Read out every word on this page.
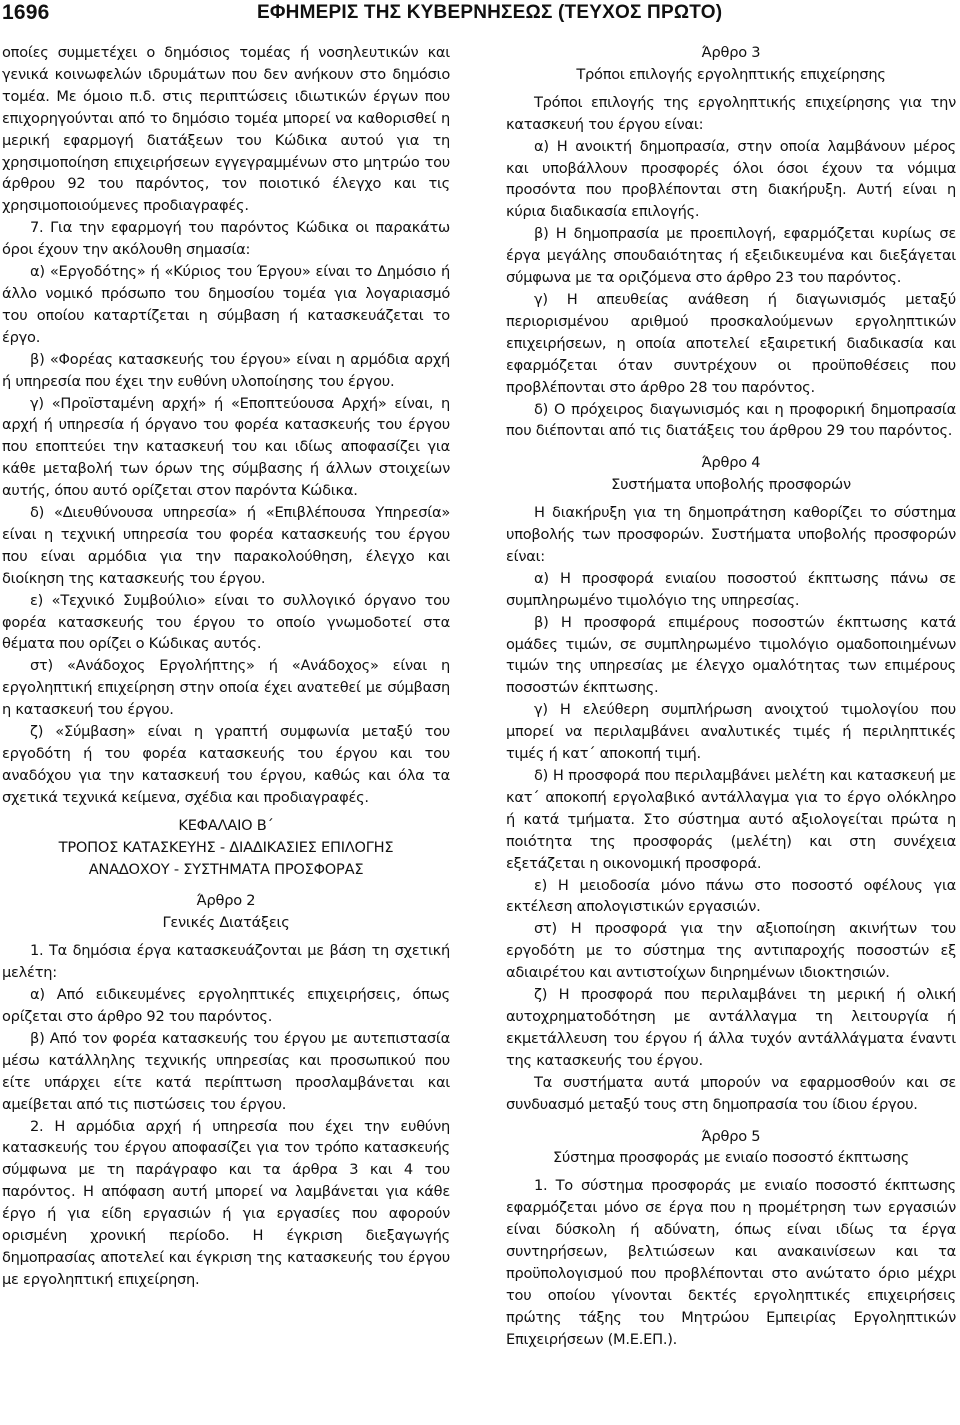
1696	ΕΦΗΜΕΡΙΣ ΤΗΣ ΚΥΒΕΡΝΗΣΕΩΣ (ΤΕΥΧΟΣ ΠΡΩΤΟ)

οποίες συμμετέχει ο δημόσιος τομέας ή νοσηλευτικών και γενικά κοινωφελών ιδρυμάτων που δεν ανήκουν στο δημόσιο τομέα. Με όμοιο π.δ. στις περιπτώσεις ιδιωτικών έργων που επιχορηγούνται από το δημόσιο τομέα μπορεί να καθορισθεί η μερική εφαρμογή διατάξεων του Κώδικα αυτού για τη χρησιμοποίηση επιχειρήσεων εγγεγραμμένων στο μητρώο του άρθρου 92 του παρόντος, τον ποιοτικό έλεγχο και τις χρησιμοποιούμενες προδιαγραφές.

7. Για την εφαρμογή του παρόντος Κώδικα οι παρακάτω όροι έχουν την ακόλουθη σημασία:

α) «Εργοδότης» ή «Κύριος του Έργου» είναι το Δημόσιο ή άλλο νομικό πρόσωπο του δημοσίου τομέα για λογαριασμό του οποίου καταρτίζεται η σύμβαση ή κατασκευάζεται το έργο.

β) «Φορέας κατασκευής του έργου» είναι η αρμόδια αρχή ή υπηρεσία που έχει την ευθύνη υλοποίησης του έργου.

γ) «Προϊσταμένη αρχή» ή «Εποπτεύουσα Αρχή» είναι, η αρχή ή υπηρεσία ή όργανο του φορέα κατασκευής του έργου που εποπτεύει την κατασκευή του και ιδίως αποφασίζει για κάθε μεταβολή των όρων της σύμβασης ή άλλων στοιχείων αυτής, όπου αυτό ορίζεται στον παρόντα Κώδικα.

δ) «Διευθύνουσα υπηρεσία» ή «Επιβλέπουσα Υπηρεσία» είναι η τεχνική υπηρεσία του φορέα κατασκευής του έργου που είναι αρμόδια για την παρακολούθηση, έλεγχο και διοίκηση της κατασκευής του έργου.

ε) «Τεχνικό Συμβούλιο» είναι το συλλογικό όργανο του φορέα κατασκευής του έργου το οποίο γνωμοδοτεί στα θέματα που ορίζει ο Κώδικας αυτός.

στ) «Ανάδοχος Εργολήπτης» ή «Ανάδοχος» είναι η εργοληπτική επιχείρηση στην οποία έχει ανατεθεί με σύμβαση η κατασκευή του έργου.

ζ) «Σύμβαση» είναι η γραπτή συμφωνία μεταξύ του εργοδότη ή του φορέα κατασκευής του έργου και του αναδόχου για την κατασκευή του έργου, καθώς και όλα τα σχετικά τεχνικά κείμενα, σχέδια και προδιαγραφές.

ΚΕΦΑΛΑΙΟ Β΄
ΤΡΟΠΟΣ ΚΑΤΑΣΚΕΥΗΣ - ΔΙΑΔΙΚΑΣΙΕΣ ΕΠΙΛΟΓΗΣ
ΑΝΑΔΟΧΟΥ - ΣΥΣΤΗΜΑΤΑ ΠΡΟΣΦΟΡΑΣ
Άρθρο 2
Γενικές Διατάξεις

1. Τα δημόσια έργα κατασκευάζονται με βάση τη σχετική μελέτη:

α) Από ειδικευμένες εργοληπτικές επιχειρήσεις, όπως ορίζεται στο άρθρο 92 του παρόντος.

β) Από τον φορέα κατασκευής του έργου με αυτεπιστασία μέσω κατάλληλης τεχνικής υπηρεσίας και προσωπικού που είτε υπάρχει είτε κατά περίπτωση προσλαμβάνεται και αμείβεται από τις πιστώσεις του έργου.

2. Η αρμόδια αρχή ή υπηρεσία που έχει την ευθύνη κατασκευής του έργου αποφασίζει για τον τρόπο κατασκευής σύμφωνα με τη παράγραφο και τα άρθρα 3 και 4 του παρόντος. Η απόφαση αυτή μπορεί να λαμβάνεται για κάθε έργο ή για είδη εργασιών ή για εργασίες που αφορούν ορισμένη χρονική περίοδο. Η έγκριση διεξαγωγής δημοπρασίας αποτελεί και έγκριση της κατασκευής του έργου με εργοληπτική επιχείρηση.

Άρθρο 3
Τρόποι επιλογής εργοληπτικής επιχείρησης

Τρόποι επιλογής της εργοληπτικής επιχείρησης για την κατασκευή του έργου είναι:

α) Η ανοικτή δημοπρασία, στην οποία λαμβάνουν μέρος και υποβάλλουν προσφορές όλοι όσοι έχουν τα νόμιμα προσόντα που προβλέπονται στη διακήρυξη. Αυτή είναι η κύρια διαδικασία επιλογής.

β) Η δημοπρασία με προεπιλογή, εφαρμόζεται κυρίως σε έργα μεγάλης σπουδαιότητας ή εξειδικευμένα και διεξάγεται σύμφωνα με τα οριζόμενα στο άρθρο 23 του παρόντος.

γ) Η απευθείας ανάθεση ή διαγωνισμός μεταξύ περιορισμένου αριθμού προσκαλούμενων εργοληπτικών επιχειρήσεων, η οποία αποτελεί εξαιρετική διαδικασία και εφαρμόζεται όταν συντρέχουν οι προϋποθέσεις που προβλέπονται στο άρθρο 28 του παρόντος.

δ) Ο πρόχειρος διαγωνισμός και η προφορική δημοπρασία που διέπονται από τις διατάξεις του άρθρου 29 του παρόντος.

Άρθρο 4
Συστήματα υποβολής προσφορών

Η διακήρυξη για τη δημοπράτηση καθορίζει το σύστημα υποβολής των προσφορών. Συστήματα υποβολής προσφορών είναι:

α) Η προσφορά ενιαίου ποσοστού έκπτωσης πάνω σε συμπληρωμένο τιμολόγιο της υπηρεσίας.

β) Η προσφορά επιμέρους ποσοστών έκπτωσης κατά ομάδες τιμών, σε συμπληρωμένο τιμολόγιο ομαδοποιημένων τιμών της υπηρεσίας με έλεγχο ομαλότητας των επιμέρους ποσοστών έκπτωσης.

γ) Η ελεύθερη συμπλήρωση ανοιχτού τιμολογίου που μπορεί να περιλαμβάνει αναλυτικές τιμές ή περιληπτικές τιμές ή κατ΄ αποκοπή τιμή.

δ) Η προσφορά που περιλαμβάνει μελέτη και κατασκευή με κατ΄ αποκοπή εργολαβικό αντάλλαγμα για το έργο ολόκληρο ή κατά τμήματα. Στο σύστημα αυτό αξιολογείται πρώτα η ποιότητα της προσφοράς (μελέτη) και στη συνέχεια εξετάζεται η οικονομική προσφορά.

ε) Η μειοδοσία μόνο πάνω στο ποσοστό οφέλους για εκτέλεση απολογιστικών εργασιών.

στ) Η προσφορά για την αξιοποίηση ακινήτων του εργοδότη με το σύστημα της αντιπαροχής ποσοστών εξ αδιαιρέτου και αντιστοίχων διηρημένων ιδιοκτησιών.

ζ) Η προσφορά που περιλαμβάνει τη μερική ή ολική αυτοχρηματοδότηση με αντάλλαγμα τη λειτουργία ή εκμετάλλευση του έργου ή άλλα τυχόν αντάλλάγματα έναντι της κατασκευής του έργου.

Τα συστήματα αυτά μπορούν να εφαρμοσθούν και σε συνδυασμό μεταξύ τους στη δημοπρασία του ίδιου έργου.

Άρθρο 5
Σύστημα προσφοράς με ενιαίο ποσοστό έκπτωσης

1. Το σύστημα προσφοράς με ενιαίο ποσοστό έκπτωσης εφαρμόζεται μόνο σε έργα που η προμέτρηση των εργασιών είναι δύσκολη ή αδύνατη, όπως είναι ιδίως τα έργα συντηρήσεων, βελτιώσεων και ανακαινίσεων και τα προϋπολογισμού που προβλέπονται στο ανώτατο όριο μέχρι του οποίου γίνονται δεκτές εργοληπτικές επιχειρήσεις πρώτης τάξης του Μητρώου Εμπειρίας Εργοληπτικών Επιχειρήσεων (Μ.Ε.ΕΠ.).
